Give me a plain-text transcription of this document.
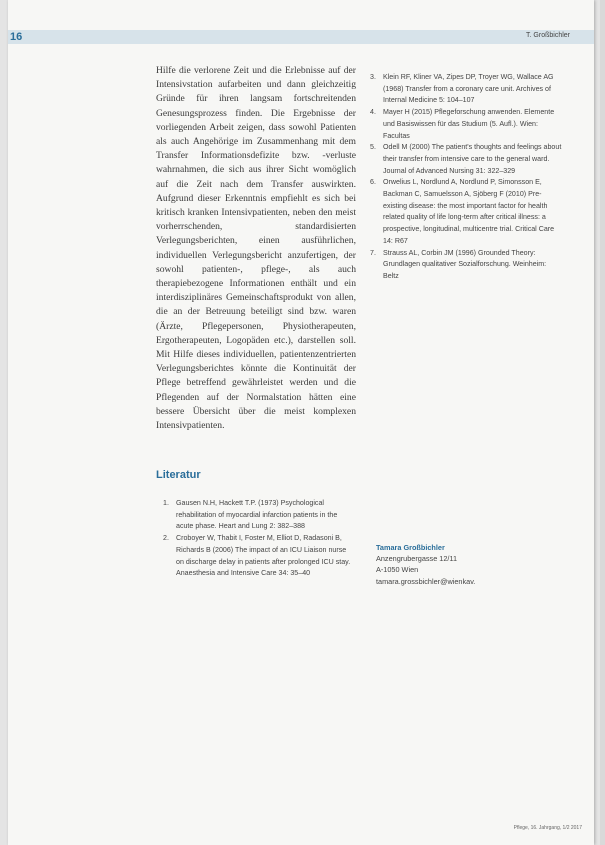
16	T. Großbichler

Hilfe die verlorene Zeit und die Erlebnisse auf der Intensivstation aufarbeiten und dann gleichzeitig Gründe für ihren langsam fortschreitenden Genesungsprozess finden. Die Ergebnisse der vorliegenden Arbeit zeigen, dass sowohl Patienten als auch Angehörige im Zusammenhang mit dem Transfer Informationsdefizite bzw. -verluste wahrnahmen, die sich aus ihrer Sicht womöglich auf die Zeit nach dem Transfer auswirkten. Aufgrund dieser Erkenntnis empfiehlt es sich bei kritisch kranken Intensivpatienten, neben den meist vorherrschenden, standardisierten Verlegungsberichten, einen ausführlichen, individuellen Verlegungsbericht anzufertigen, der sowohl patienten-, pflege-, als auch therapiebezogene Informationen enthält und ein interdisziplinäres Gemeinschaftsprodukt von allen, die an der Betreuung beteiligt sind bzw. waren (Ärzte, Pflegepersonen, Physiotherapeuten, Ergotherapeuten, Logopäden etc.), darstellen soll. Mit Hilfe dieses individuellen, patientenzentrierten Verlegungsberichtes könnte die Kontinuität der Pflege betreffend gewährleistet werden und die Pflegenden auf der Normalstation hätten eine bessere Übersicht über die meist komplexen Intensivpatienten.

Literatur
1. Gausen N.H, Hackett T.P. (1973) Psychological rehabilitation of myocardial infarction patients in the acute phase. Heart and Lung 2: 382–388
2. Croboyer W, Thabit I, Foster M, Elliot D, Radasoni B, Richards B (2006) The impact of an ICU Liaison nurse on discharge delay in patients after prolonged ICU stay. Anaesthesia and Intensive Care 34: 35–40
3. Klein RF, Kliner VA, Zipes DP, Troyer WG, Wallace AG (1968) Transfer from a coronary care unit. Archives of Internal Medicine 5: 104–107
4. Mayer H (2015) Pflegeforschung anwenden. Elemente und Basiswissen für das Studium (5. Aufl.). Wien: Facultas
5. Odell M (2000) The patient's thoughts and feelings about their transfer from intensive care to the general ward. Journal of Advanced Nursing 31: 322–329
6. Orwelius L, Nordlund A, Nordlund P, Simonsson E, Backman C, Samuelsson A, Sjöberg F (2010) Pre-existing disease: the most important factor for health related quality of life long-term after critical illness: a prospective, longitudinal, multicentre trial. Critical Care 14: R67
7. Strauss AL, Corbin JM (1996) Grounded Theory: Grundlagen qualitativer Sozialforschung. Weinheim: Beltz
Tamara Großbichler
Anzengrubergasse 12/11
A-1050 Wien
tamara.grossbichler@wienkav.
Pflege, 16. Jahrgang, 1/2 2017
